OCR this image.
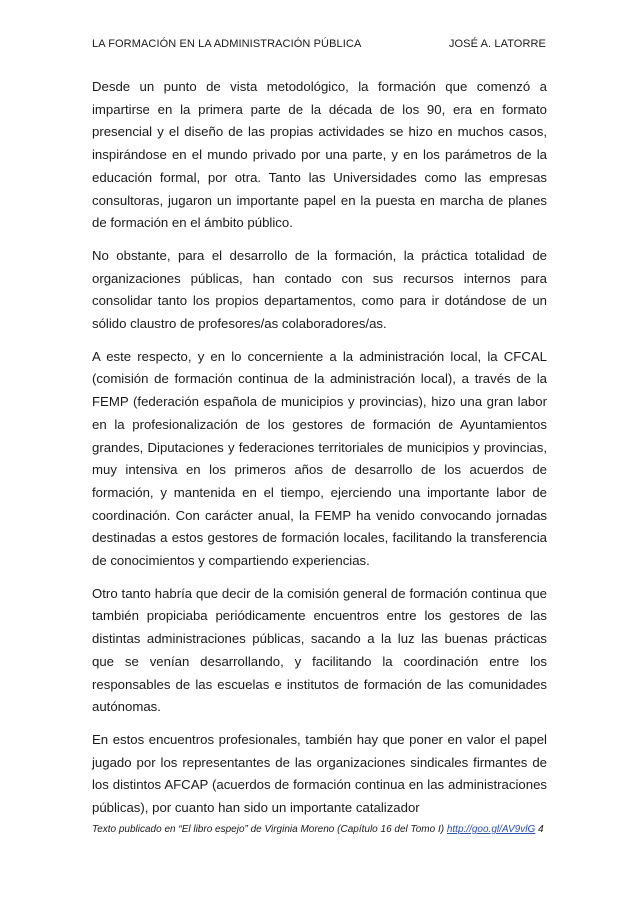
LA FORMACIÓN EN LA ADMINISTRACIÓN PÚBLICA	JOSÉ A. LATORRE

Desde un punto de vista metodológico, la formación que comenzó a impartirse en la primera parte de la década de los 90, era en formato presencial y el diseño de las propias actividades se hizo en muchos casos, inspirándose en el mundo privado por una parte, y en los parámetros de la educación formal, por otra. Tanto las Universidades como las empresas consultoras, jugaron un importante papel en la puesta en marcha de planes de formación en el ámbito público.

No obstante, para el desarrollo de la formación, la práctica totalidad de organizaciones públicas, han contado con sus recursos internos para consolidar tanto los propios departamentos, como para ir dotándose de un sólido claustro de profesores/as colaboradores/as.

A este respecto, y en lo concerniente a la administración local, la CFCAL (comisión de formación continua de la administración local), a través de la FEMP (federación española de municipios y provincias), hizo una gran labor en la profesionalización de los gestores de formación de Ayuntamientos grandes, Diputaciones y federaciones territoriales de municipios y provincias, muy intensiva en los primeros años de desarrollo de los acuerdos de formación, y mantenida en el tiempo, ejerciendo una importante labor de coordinación. Con carácter anual, la FEMP ha venido convocando jornadas destinadas a estos gestores de formación locales, facilitando la transferencia de conocimientos y compartiendo experiencias.

Otro tanto habría que decir de la comisión general de formación continua que también propiciaba periódicamente encuentros entre los gestores de las distintas administraciones públicas, sacando a la luz las buenas prácticas que se venían desarrollando, y facilitando la coordinación entre los responsables de las escuelas e institutos de formación de las comunidades autónomas.

En estos encuentros profesionales, también hay que poner en valor el papel jugado por los representantes de las organizaciones sindicales firmantes de los distintos AFCAP (acuerdos de formación continua en las administraciones públicas), por cuanto han sido un importante catalizador

Texto publicado en “El libro espejo” de Virginia Moreno (Capítulo 16 del Tomo I) http://goo.gl/AV9vlG 4
